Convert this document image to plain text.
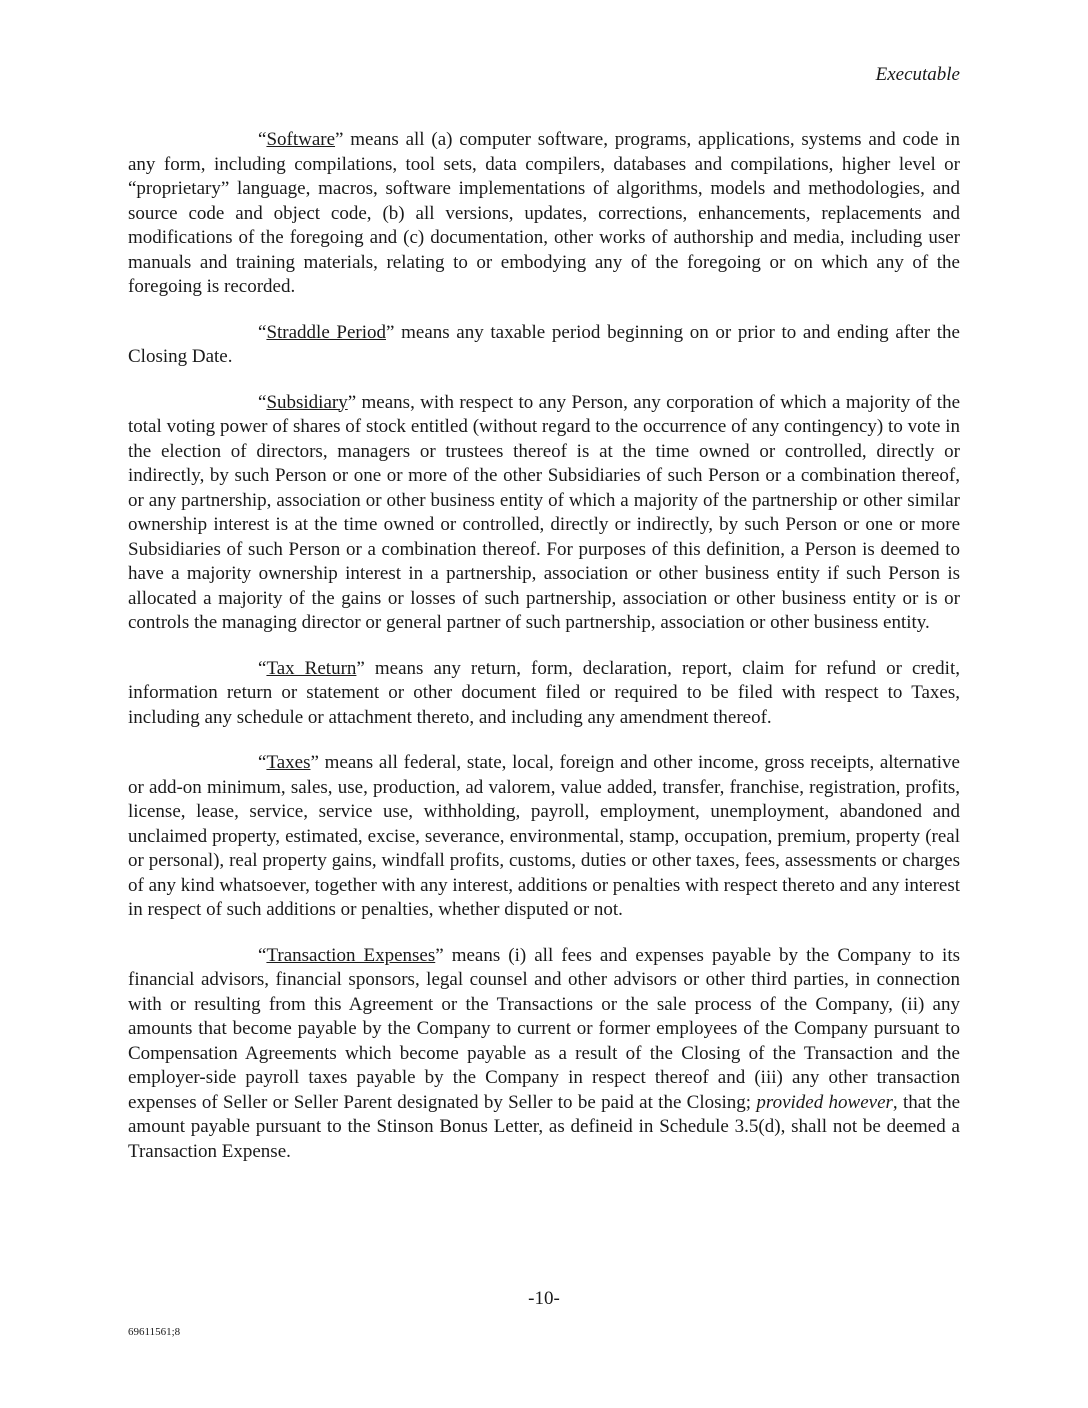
Executable

“Software” means all (a) computer software, programs, applications, systems and code in any form, including compilations, tool sets, data compilers, databases and compilations, higher level or “proprietary” language, macros, software implementations of algorithms, models and methodologies, and source code and object code, (b) all versions, updates, corrections, enhancements, replacements and modifications of the foregoing and (c) documentation, other works of authorship and media, including user manuals and training materials, relating to or embodying any of the foregoing or on which any of the foregoing is recorded.

“Straddle Period” means any taxable period beginning on or prior to and ending after the Closing Date.

“Subsidiary” means, with respect to any Person, any corporation of which a majority of the total voting power of shares of stock entitled (without regard to the occurrence of any contingency) to vote in the election of directors, managers or trustees thereof is at the time owned or controlled, directly or indirectly, by such Person or one or more of the other Subsidiaries of such Person or a combination thereof, or any partnership, association or other business entity of which a majority of the partnership or other similar ownership interest is at the time owned or controlled, directly or indirectly, by such Person or one or more Subsidiaries of such Person or a combination thereof. For purposes of this definition, a Person is deemed to have a majority ownership interest in a partnership, association or other business entity if such Person is allocated a majority of the gains or losses of such partnership, association or other business entity or is or controls the managing director or general partner of such partnership, association or other business entity.

“Tax Return” means any return, form, declaration, report, claim for refund or credit, information return or statement or other document filed or required to be filed with respect to Taxes, including any schedule or attachment thereto, and including any amendment thereof.

“Taxes” means all federal, state, local, foreign and other income, gross receipts, alternative or add-on minimum, sales, use, production, ad valorem, value added, transfer, franchise, registration, profits, license, lease, service, service use, withholding, payroll, employment, unemployment, abandoned and unclaimed property, estimated, excise, severance, environmental, stamp, occupation, premium, property (real or personal), real property gains, windfall profits, customs, duties or other taxes, fees, assessments or charges of any kind whatsoever, together with any interest, additions or penalties with respect thereto and any interest in respect of such additions or penalties, whether disputed or not.

“Transaction Expenses” means (i) all fees and expenses payable by the Company to its financial advisors, financial sponsors, legal counsel and other advisors or other third parties, in connection with or resulting from this Agreement or the Transactions or the sale process of the Company, (ii) any amounts that become payable by the Company to current or former employees of the Company pursuant to Compensation Agreements which become payable as a result of the Closing of the Transaction and the employer-side payroll taxes payable by the Company in respect thereof and (iii) any other transaction expenses of Seller or Seller Parent designated by Seller to be paid at the Closing; provided however, that the amount payable pursuant to the Stinson Bonus Letter, as defineid in Schedule 3.5(d), shall not be deemed a Transaction Expense.

-10-
69611561;8
